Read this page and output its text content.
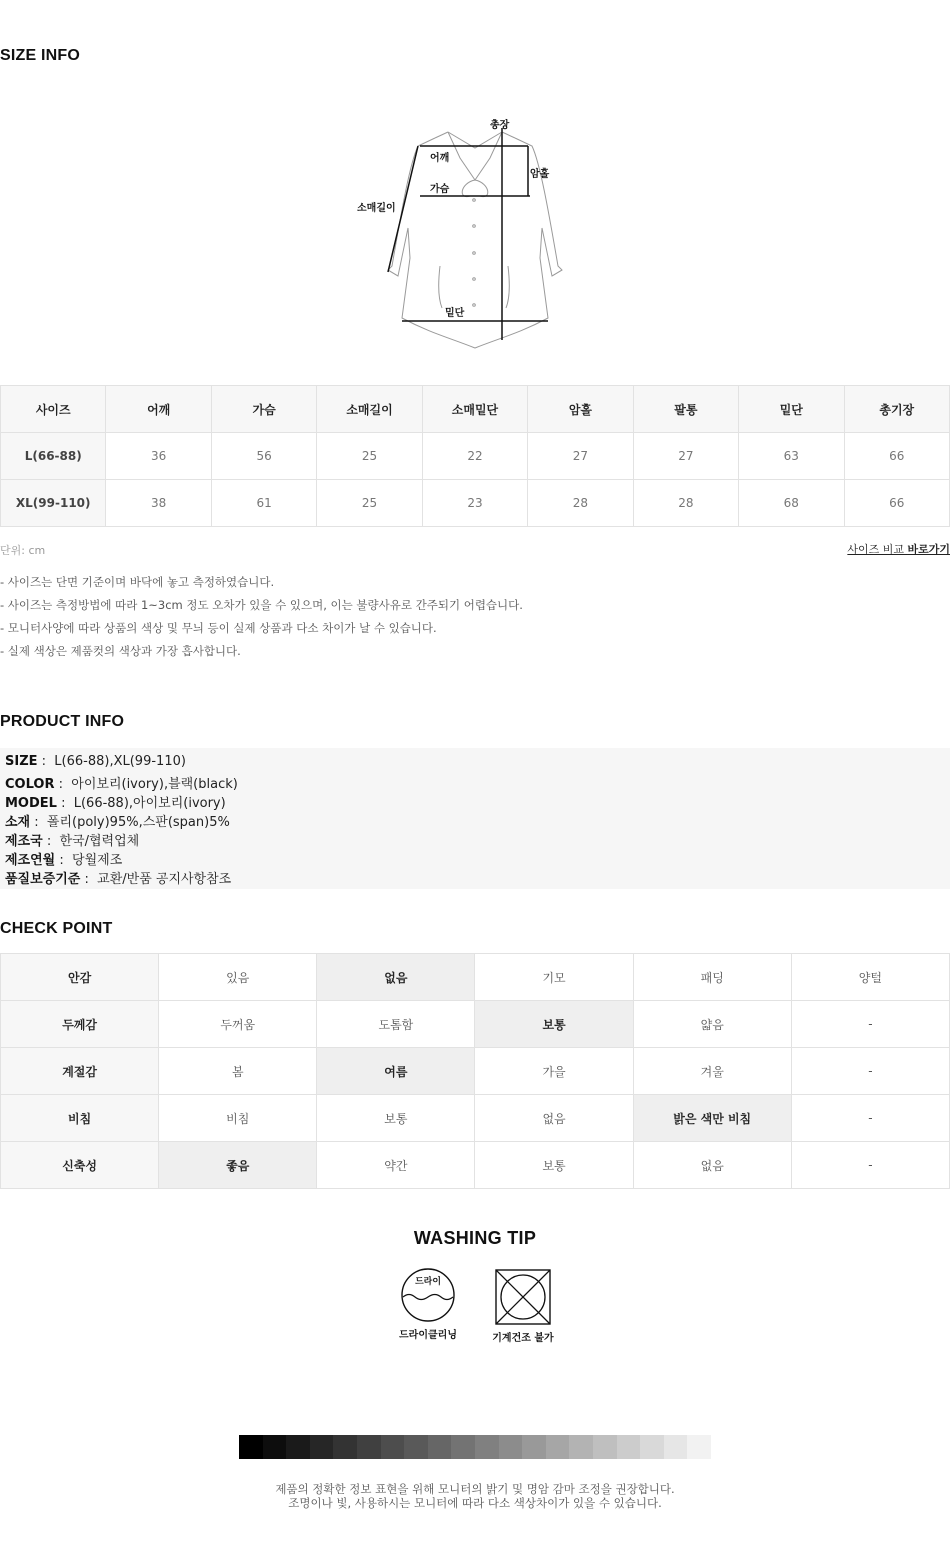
SIZE INFO
총장
어깨
가슴
암홀
소매길이
밑단
사이즈	어깨	가슴	소매길이	소매밑단	암홀	팔통	밑단	총기장
L(66-88)	36	56	25	22	27	27	63	66
XL(99-110)	38	61	25	23	28	28	68	66
단위: cm	사이즈 비교 바로가기
- 사이즈는 단면 기준이며 바닥에 놓고 측정하였습니다.
- 사이즈는 측정방법에 따라 1~3cm 정도 오차가 있을 수 있으며, 이는 불량사유로 간주되기 어렵습니다.
- 모니터사양에 따라 상품의 색상 및 무늬 등이 실제 상품과 다소 차이가 날 수 있습니다.
- 실제 색상은 제품컷의 색상과 가장 흡사합니다.
PRODUCT INFO
SIZE :  L(66-88),XL(99-110)
COLOR :  아이보리(ivory),블랙(black)
MODEL :  L(66-88),아이보리(ivory)
소재 :  폴리(poly)95%,스판(span)5%
제조국 :  한국/협력업체
제조연월 :  당월제조
품질보증기준 :  교환/반품 공지사항참조
CHECK POINT
안감	있음	없음	기모	패딩	양털
두께감	두꺼움	도톰함	보통	얇음	-
계절감	봄	여름	가을	겨울	-
비침	비침	보통	없음	밝은 색만 비침	-
신축성	좋음	약간	보통	없음	-
WASHING TIP
드라이
드라이클리닝	기계건조 불가
제품의 정확한 정보 표현을 위해 모니터의 밝기 및 명암 감마 조정을 권장합니다.
조명이나 빛, 사용하시는 모니터에 따라 다소 색상차이가 있을 수 있습니다.
